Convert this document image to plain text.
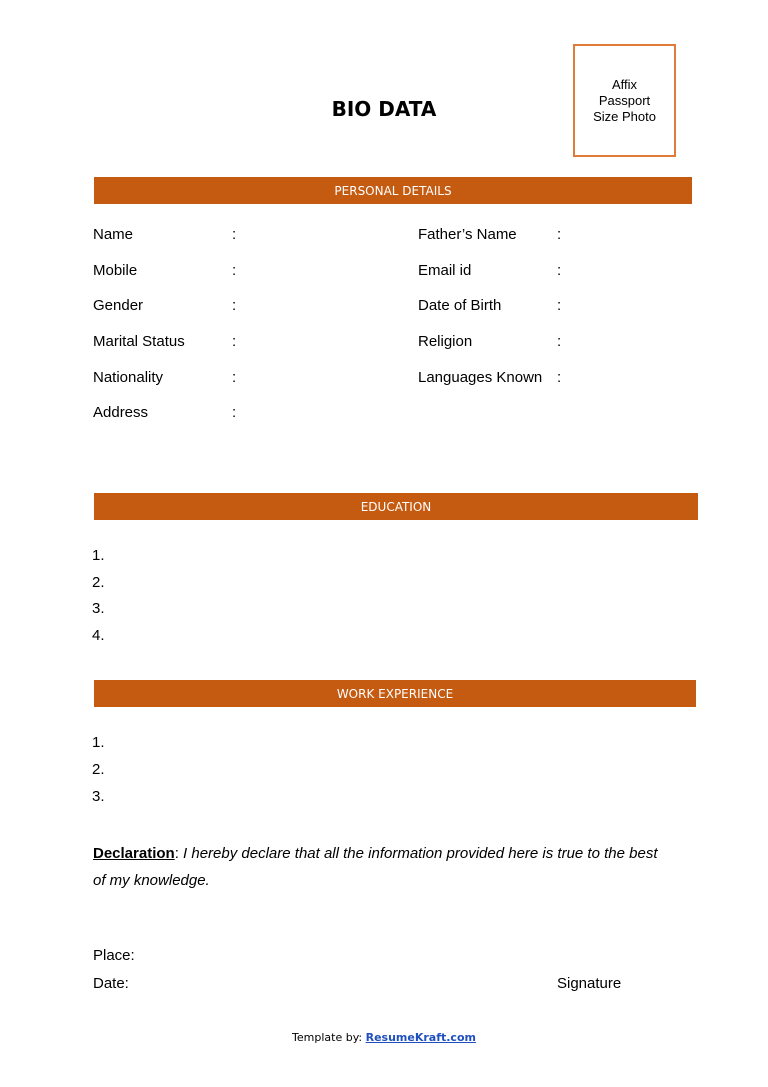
BIO DATA
Affix
Passport
Size Photo
PERSONAL DETAILS
Name	:
Mobile	:
Gender	:
Marital Status	:
Nationality	:
Address	:
Father’s Name	:
Email id	:
Date of Birth	:
Religion	:
Languages Known :
EDUCATION
1.
2.
3.
4.
WORK EXPERIENCE
1.
2.
3.
Declaration: I hereby declare that all the information provided here is true to the best of my knowledge.
Place:
Date:	Signature
Template by: ResumeKraft.com
